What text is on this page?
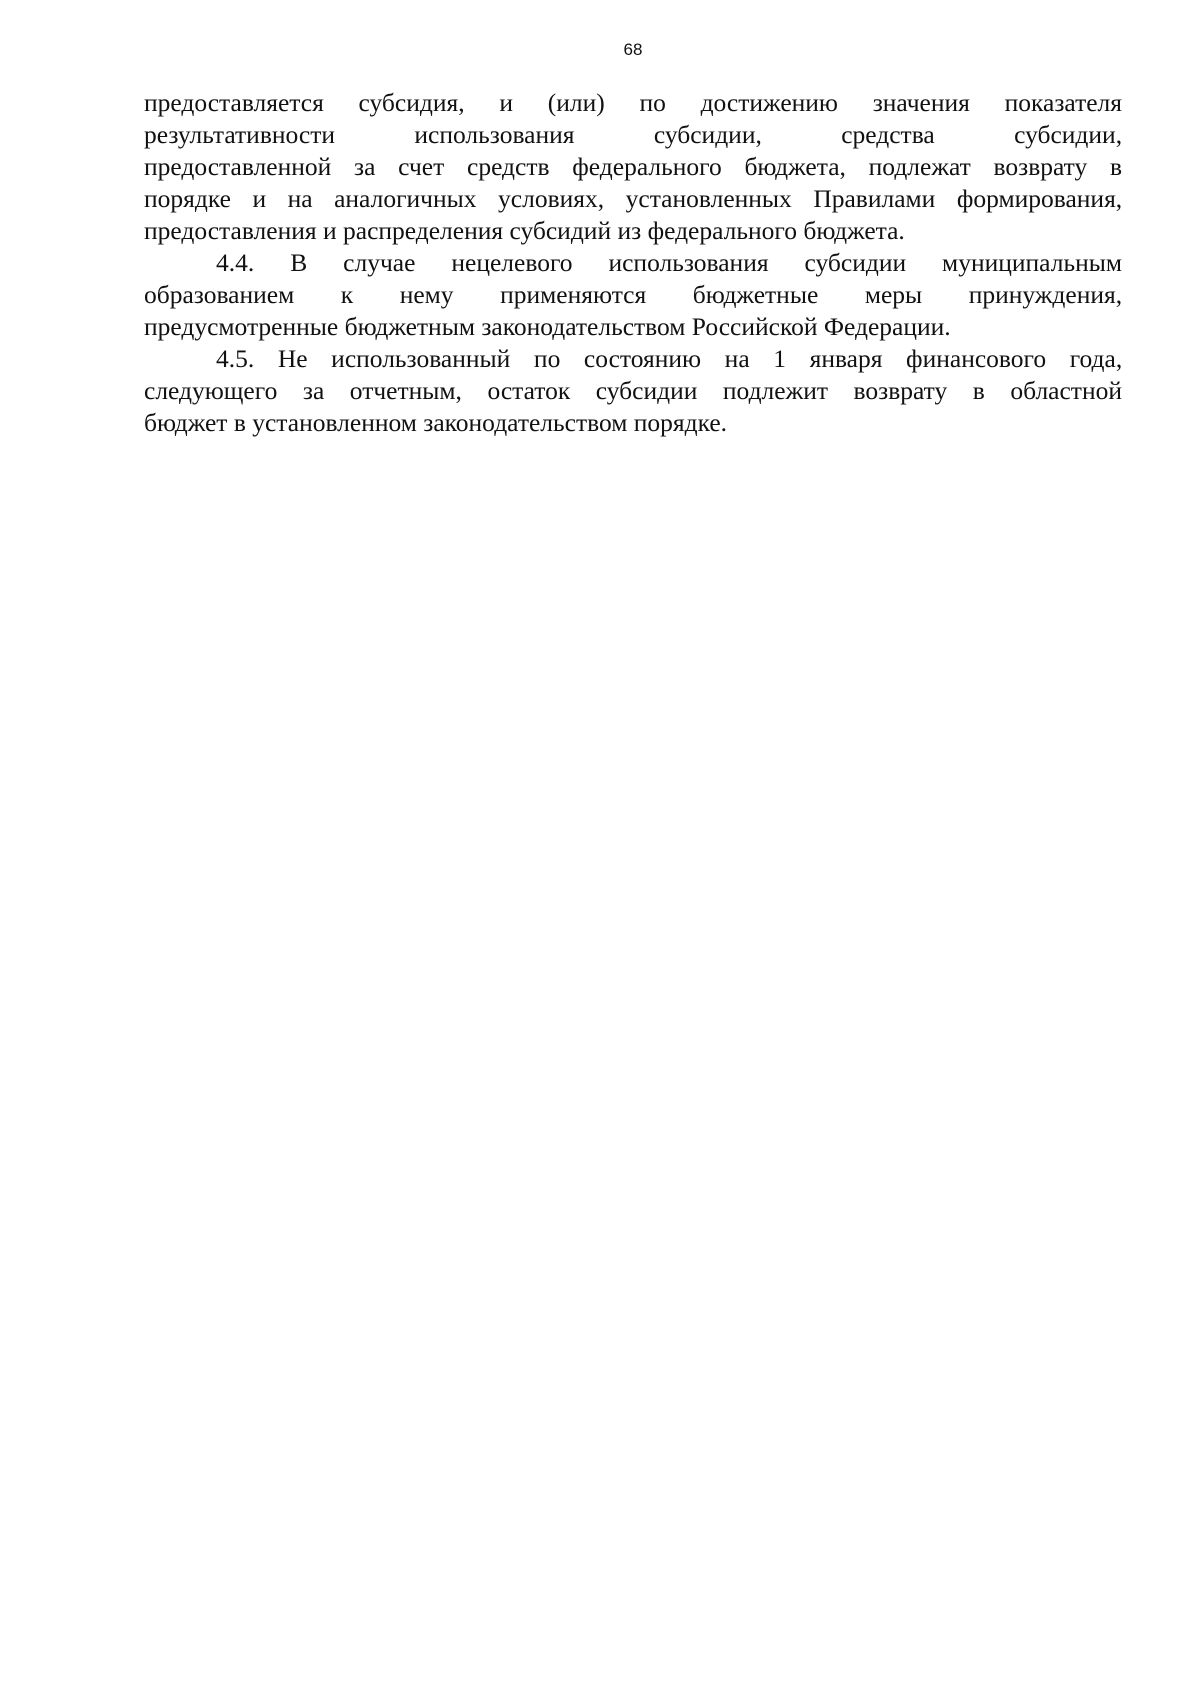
68
предоставляется субсидия, и (или) по достижению значения показателя
результативности использования субсидии, средства субсидии,
предоставленной за счет средств федерального бюджета, подлежат возврату в
порядке и на аналогичных условиях, установленных Правилами формирования,
предоставления и распределения субсидий из федерального бюджета.
4.4. В случае нецелевого использования субсидии муниципальным
образованием к нему применяются бюджетные меры принуждения,
предусмотренные бюджетным законодательством Российской Федерации.
4.5. Не использованный по состоянию на 1 января финансового года,
следующего за отчетным, остаток субсидии подлежит возврату в областной
бюджет в установленном законодательством порядке.
